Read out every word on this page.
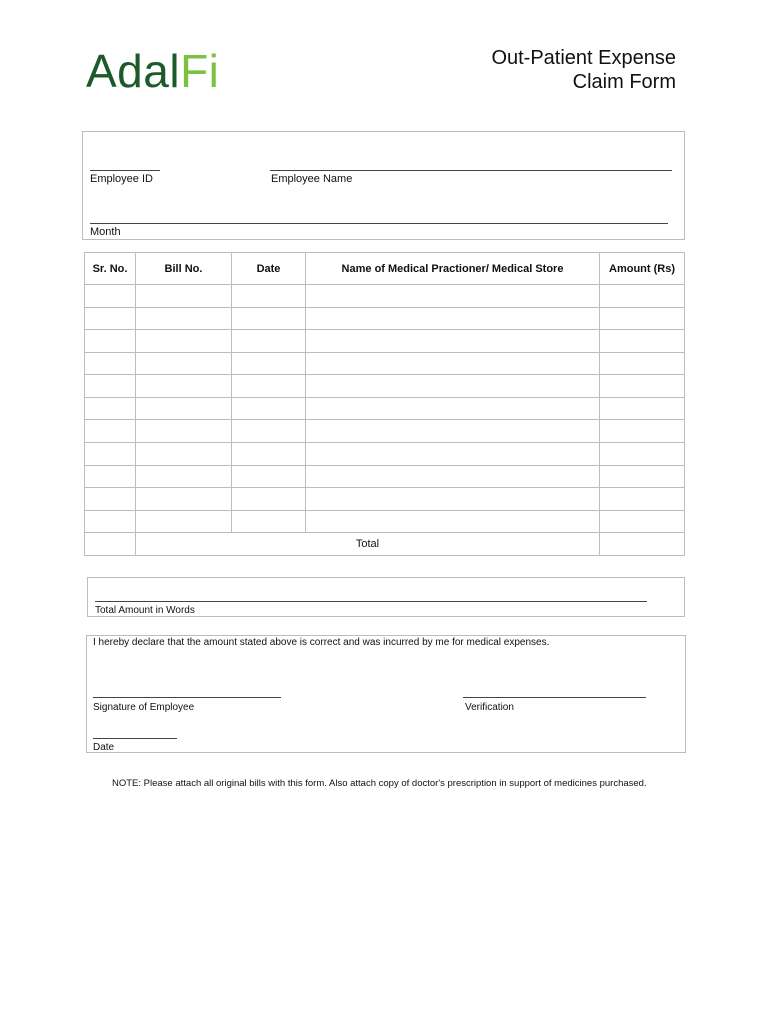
Adal Fi	Out-Patient Expense
Claim Form
Employee ID	Employee Name
Month
Sr. No.	Bill No.	Date	Name of Medical Practioner/ Medical Store	Amount (Rs)

	Total			
Total Amount in Words
I hereby declare that the amount stated above is correct and was incurred by me for medical expenses.
Signature of Employee	Verification
Date
NOTE: Please attach all original bills with this form. Also attach copy of doctor's prescription in support of medicines purchased.
